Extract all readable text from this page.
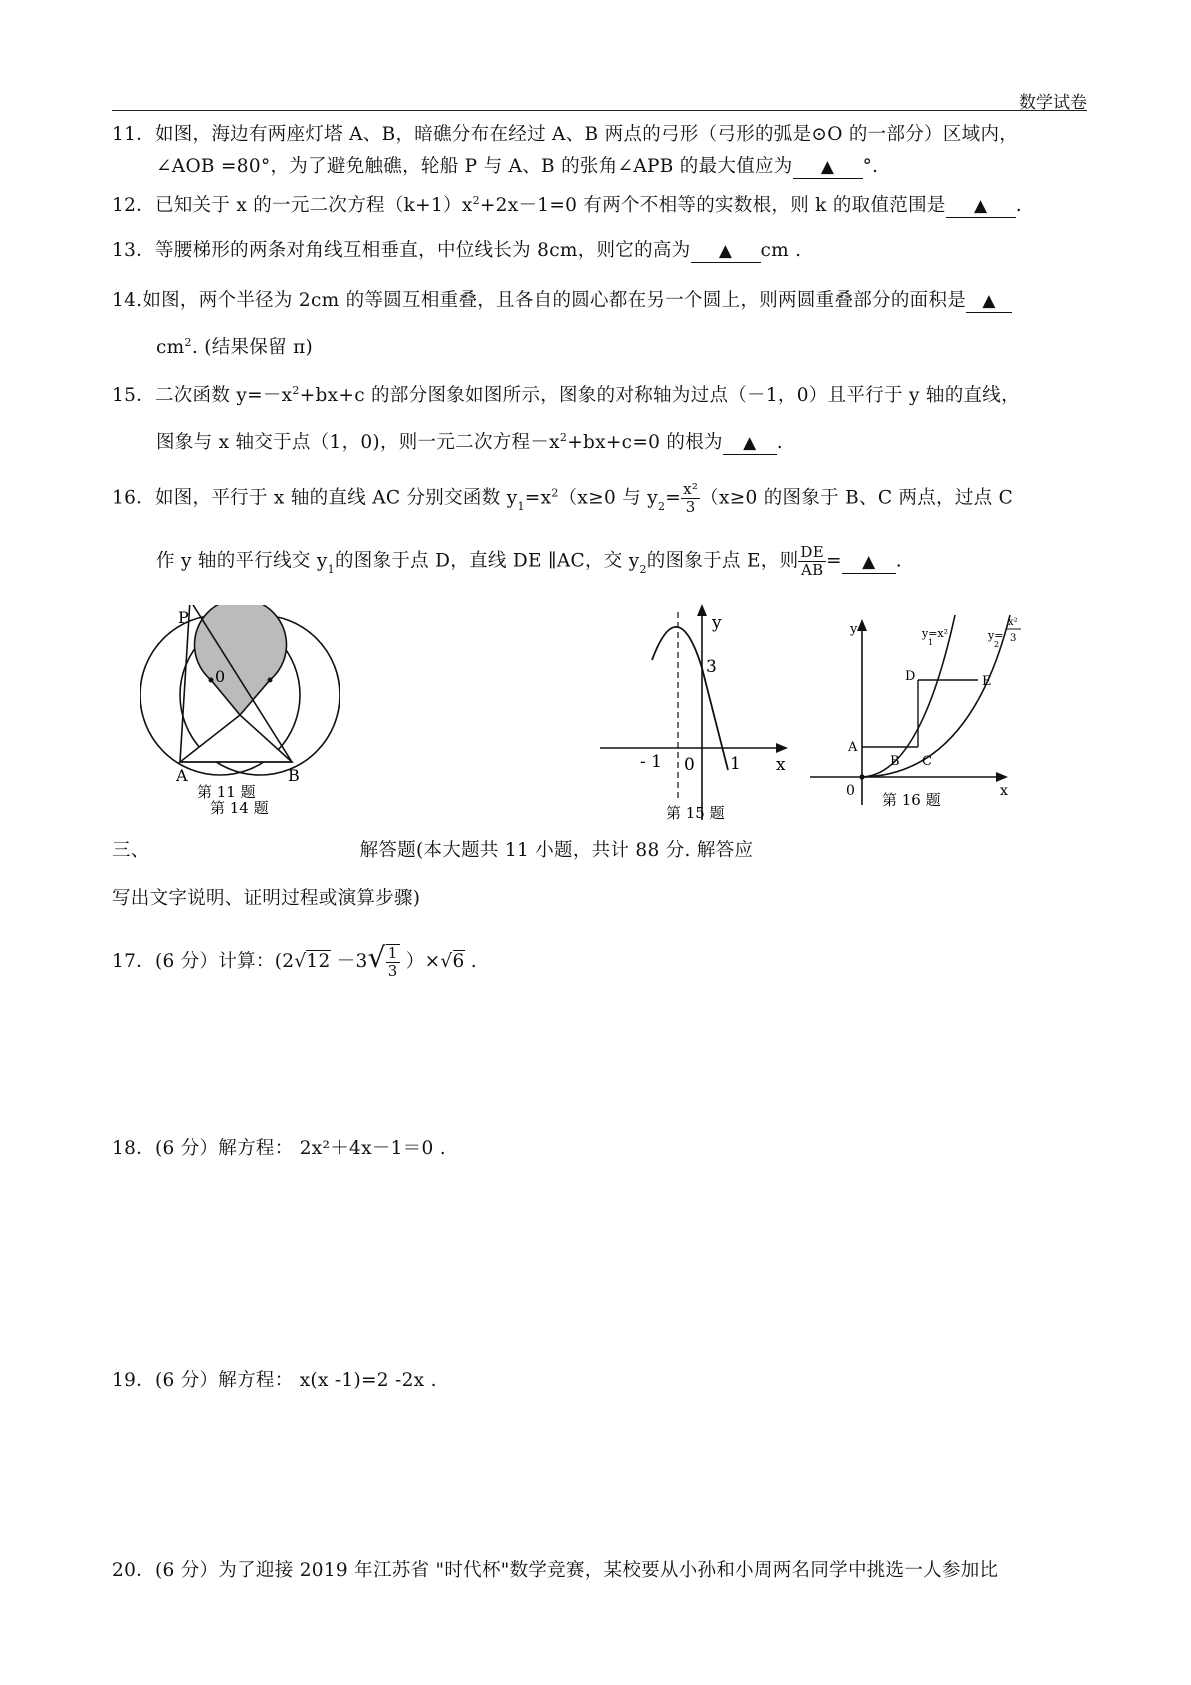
数学试卷
11．如图，海边有两座灯塔 A、B，暗礁分布在经过 A、B 两点的弓形（弓形的弧是⊙O 的一部分）区域内，
∠AOB =80°，为了避免触礁，轮船 P 与 A、B 的张角∠APB 的最大值应为 ▲ °.
12．已知关于 x 的一元二次方程$(k+1)x^2+2x-1=0$ 有两个不相等的实数根，则 k 的取值范围是 ▲ .
13．等腰梯形的两条对角线互相垂直，中位线长为 8cm，则它的高为 ▲ cm .
14.如图，两个半径为 2cm 的等圆互相重叠，且各自的圆心都在另一个圆上，则两圆重叠部分的面积是 ▲
$cm^2$. (结果保留 π)
15．二次函数 $y=-x^2+bx+c$ 的部分图象如图所示，图象的对称轴为过点（－1，0）且平行于 y 轴的直线，
图象与 x 轴交于点（1，0)，则一元二次方程$-x^2+bx+c=0$ 的根为 ▲ .
16．如图，平行于 x 轴的直线 AC 分别交函数 $y_1=x^2(x\ge 0$ 与 $y_2= \frac{\text{x²}}{3} (x\ge 0$ 的图象于 B、C 两点，过点 C
作 y 轴的平行线交 $y_1$的图象于点 D，直线 DE ∥AC，交 $y_2$的图象于点 E，则 $\frac{DE}{AB}$ = ▲ .
P
A	B
0
第 11 题
第 14 题
y
x
- 1 0 1
3
第 15 题
y
x
0
A
B C
D	E
y=x²
1
y=
2
x²
3
第 16 题
三、	解答题(本大题共 11 小题，共计 88 分. 解答应
写出文字说明、证明过程或演算步骤)
17．(6 分）计算：$(2√12 -3√ \frac{1}{3} )\times√6$ .
18．(6 分）解方程： 2x²＋4x－1＝0 .
19．(6 分）解方程： x(x -1)=2 -2x .
20．(6 分）为了迎接 2019 年江苏省 "时代杯"数学竞赛，某校要从小孙和小周两名同学中挑选一人参加比
